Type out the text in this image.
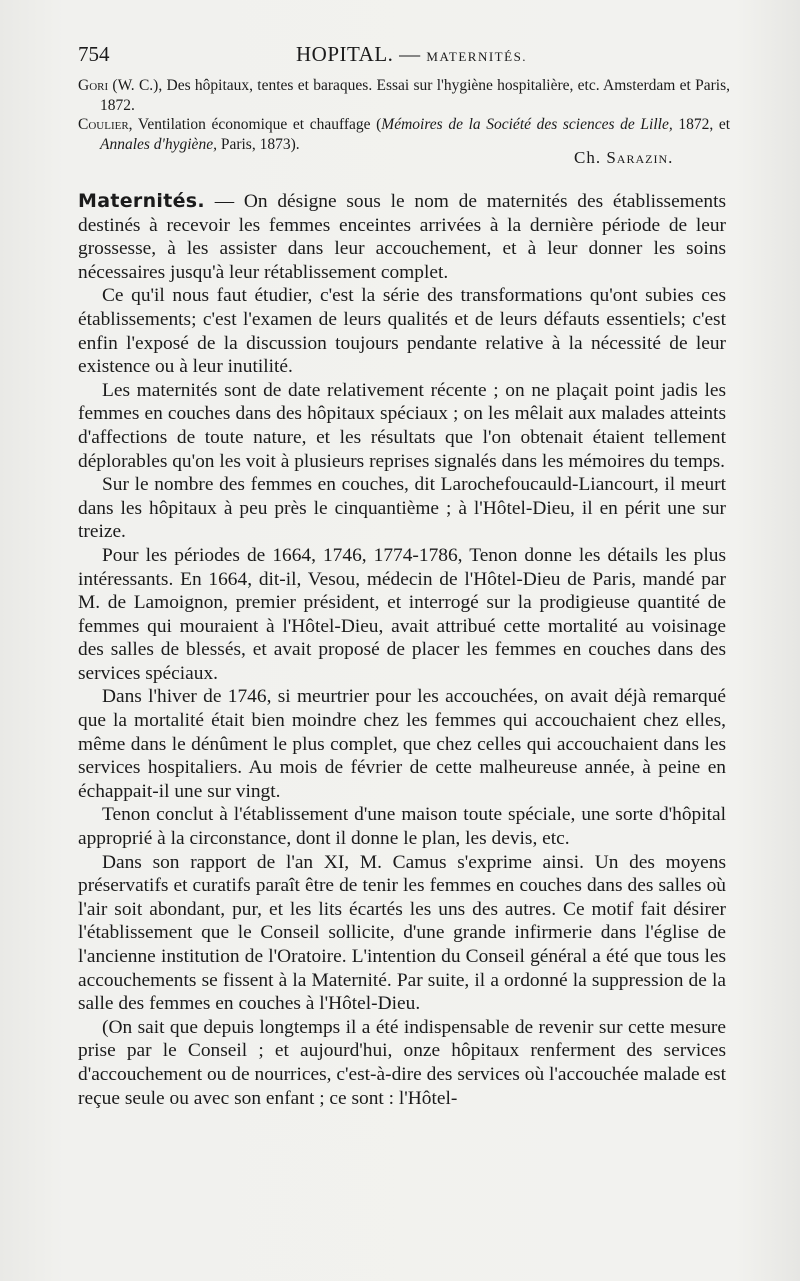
754	HOPITAL. — MATERNITÉS.

Gori (W. C.), Des hôpitaux, tentes et baraques. Essai sur l'hygiène hospitalière, etc. Amsterdam et Paris, 1872.

Coulier, Ventilation économique et chauffage (Mémoires de la Société des sciences de Lille, 1872, et Annales d'hygiène, Paris, 1873).

Ch. Sarazin.

Maternités. — On désigne sous le nom de maternités des établissements destinés à recevoir les femmes enceintes arrivées à la dernière période de leur grossesse, à les assister dans leur accouchement, et à leur donner les soins nécessaires jusqu'à leur rétablissement complet.

Ce qu'il nous faut étudier, c'est la série des transformations qu'ont subies ces établissements; c'est l'examen de leurs qualités et de leurs défauts essentiels; c'est enfin l'exposé de la discussion toujours pendante relative à la nécessité de leur existence ou à leur inutilité.

Les maternités sont de date relativement récente ; on ne plaçait point jadis les femmes en couches dans des hôpitaux spéciaux ; on les mêlait aux malades atteints d'affections de toute nature, et les résultats que l'on obtenait étaient tellement déplorables qu'on les voit à plusieurs reprises signalés dans les mémoires du temps.

Sur le nombre des femmes en couches, dit Larochefoucauld-Liancourt, il meurt dans les hôpitaux à peu près le cinquantième ; à l'Hôtel-Dieu, il en périt une sur treize.

Pour les périodes de 1664, 1746, 1774-1786, Tenon donne les détails les plus intéressants. En 1664, dit-il, Vesou, médecin de l'Hôtel-Dieu de Paris, mandé par M. de Lamoignon, premier président, et interrogé sur la prodigieuse quantité de femmes qui mouraient à l'Hôtel-Dieu, avait attribué cette mortalité au voisinage des salles de blessés, et avait proposé de placer les femmes en couches dans des services spéciaux.

Dans l'hiver de 1746, si meurtrier pour les accouchées, on avait déjà remarqué que la mortalité était bien moindre chez les femmes qui accouchaient chez elles, même dans le dénûment le plus complet, que chez celles qui accouchaient dans les services hospitaliers. Au mois de février de cette malheureuse année, à peine en échappait-il une sur vingt.

Tenon conclut à l'établissement d'une maison toute spéciale, une sorte d'hôpital approprié à la circonstance, dont il donne le plan, les devis, etc.

Dans son rapport de l'an XI, M. Camus s'exprime ainsi. Un des moyens préservatifs et curatifs paraît être de tenir les femmes en couches dans des salles où l'air soit abondant, pur, et les lits écartés les uns des autres. Ce motif fait désirer l'établissement que le Conseil sollicite, d'une grande infirmerie dans l'église de l'ancienne institution de l'Oratoire. L'intention du Conseil général a été que tous les accouchements se fissent à la Maternité. Par suite, il a ordonné la suppression de la salle des femmes en couches à l'Hôtel-Dieu.

(On sait que depuis longtemps il a été indispensable de revenir sur cette mesure prise par le Conseil ; et aujourd'hui, onze hôpitaux renferment des services d'accouchement ou de nourrices, c'est-à-dire des services où l'accouchée malade est reçue seule ou avec son enfant ; ce sont : l'Hôtel-
